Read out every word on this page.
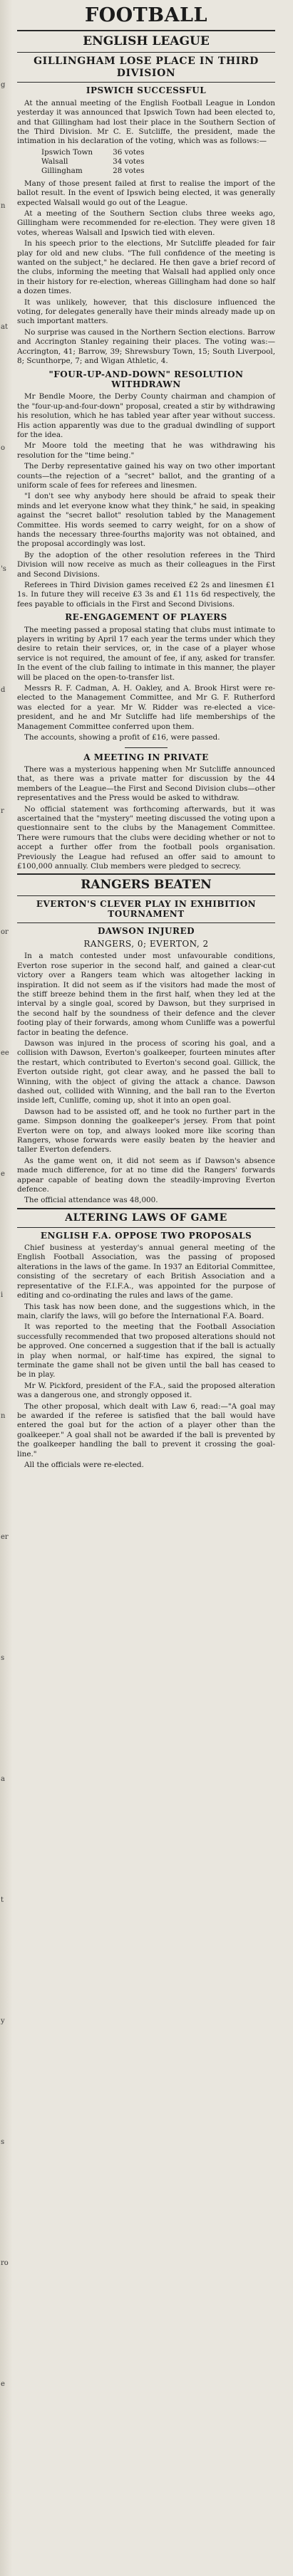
g
n
at
o
's
d
r
or
ee
e
i
n
er
s
a
t
y
s
ro
e
FOOTBALL
ENGLISH LEAGUE
GILLINGHAM LOSE PLACE IN THIRD DIVISION
IPSWICH SUCCESSFUL

At the annual meeting of the English Football League in London yesterday it was announced that Ipswich Town had been elected to, and that Gillingham had lost their place in the Southern Section of the Third Division. Mr C. E. Sutcliffe, the president, made the intimation in his declaration of the voting, which was as follows:—

Ipswich Town	36 votes
Walsall	34 votes
Gillingham	28 votes

Many of those present failed at first to realise the import of the ballot result. In the event of Ipswich being elected, it was generally expected Walsall would go out of the League.

At a meeting of the Southern Section clubs three weeks ago, Gillingham were recommended for re-election. They were given 18 votes, whereas Walsall and Ipswich tied with eleven.

In his speech prior to the elections, Mr Sutcliffe pleaded for fair play for old and new clubs. "The full confidence of the meeting is wanted on the subject," he declared. He then gave a brief record of the clubs, informing the meeting that Walsall had applied only once in their history for re-election, whereas Gillingham had done so half a dozen times.

It was unlikely, however, that this disclosure influenced the voting, for delegates generally have their minds already made up on such important matters.

No surprise was caused in the Northern Section elections. Barrow and Accrington Stanley regaining their places. The voting was:—Accrington, 41; Barrow, 39; Shrewsbury Town, 15; South Liverpool, 8; Scunthorpe, 7; and Wigan Athletic, 4.

"FOUR-UP-AND-DOWN" RESOLUTION WITHDRAWN

Mr Bendle Moore, the Derby County chairman and champion of the "four-up-and-four-down" proposal, created a stir by withdrawing his resolution, which he has tabled year after year without success. His action apparently was due to the gradual dwindling of support for the idea.

Mr Moore told the meeting that he was withdrawing his resolution for the "time being."

The Derby representative gained his way on two other important counts—the rejection of a "secret" ballot, and the granting of a uniform scale of fees for referees and linesmen.

"I don't see why anybody here should be afraid to speak their minds and let everyone know what they think," he said, in speaking against the "secret ballot" resolution tabled by the Management Committee. His words seemed to carry weight, for on a show of hands the necessary three-fourths majority was not obtained, and the proposal accordingly was lost.

By the adoption of the other resolution referees in the Third Division will now receive as much as their colleagues in the First and Second Divisions.

Referees in Third Division games received £2 2s and linesmen £1 1s. In future they will receive £3 3s and £1 11s 6d respectively, the fees payable to officials in the First and Second Divisions.

RE-ENGAGEMENT OF PLAYERS

The meeting passed a proposal stating that clubs must intimate to players in writing by April 17 each year the terms under which they desire to retain their services, or, in the case of a player whose service is not required, the amount of fee, if any, asked for transfer. In the event of the club failing to intimate in this manner, the player will be placed on the open-to-transfer list.

Messrs R. F. Cadman, A. H. Oakley, and A. Brook Hirst were re-elected to the Management Committee, and Mr G. F. Rutherford was elected for a year. Mr W. Ridder was re-elected a vice-president, and he and Mr Sutcliffe had life memberships of the Management Committee conferred upon them.

The accounts, showing a profit of £16, were passed.

A MEETING IN PRIVATE

There was a mysterious happening when Mr Sutcliffe announced that, as there was a private matter for discussion by the 44 members of the League—the First and Second Division clubs—other representatives and the Press would be asked to withdraw.

No official statement was forthcoming afterwards, but it was ascertained that the "mystery" meeting discussed the voting upon a questionnaire sent to the clubs by the Management Committee. There were rumours that the clubs were deciding whether or not to accept a further offer from the football pools organisation. Previously the League had refused an offer said to amount to £100,000 annually. Club members were pledged to secrecy.

RANGERS BEATEN
EVERTON'S CLEVER PLAY IN EXHIBITION TOURNAMENT
DAWSON INJURED
RANGERS, 0; EVERTON, 2

In a match contested under most unfavourable conditions, Everton rose superior in the second half, and gained a clear-cut victory over a Rangers team which was altogether lacking in inspiration. It did not seem as if the visitors had made the most of the stiff breeze behind them in the first half, when they led at the interval by a single goal, scored by Dawson, but they surprised in the second half by the soundness of their defence and the clever footing play of their forwards, among whom Cunliffe was a powerful factor in beating the defence.

Dawson was injured in the process of scoring his goal, and a collision with Dawson, Everton's goalkeeper, fourteen minutes after the restart, which contributed to Everton's second goal. Gillick, the Everton outside right, got clear away, and he passed the ball to Winning, with the object of giving the attack a chance. Dawson dashed out, collided with Winning, and the ball ran to the Everton inside left, Cunliffe, coming up, shot it into an open goal.

Dawson had to be assisted off, and he took no further part in the game. Simpson donning the goalkeeper's jersey. From that point Everton were on top, and always looked more like scoring than Rangers, whose forwards were easily beaten by the heavier and taller Everton defenders.

As the game went on, it did not seem as if Dawson's absence made much difference, for at no time did the Rangers' forwards appear capable of beating down the steadily-improving Everton defence.

The official attendance was 48,000.

ALTERING LAWS OF GAME
ENGLISH F.A. OPPOSE TWO PROPOSALS

Chief business at yesterday's annual general meeting of the English Football Association, was the passing of proposed alterations in the laws of the game. In 1937 an Editorial Committee, consisting of the secretary of each British Association and a representative of the F.I.F.A., was appointed for the purpose of editing and co-ordinating the rules and laws of the game.

This task has now been done, and the suggestions which, in the main, clarify the laws, will go before the International F.A. Board.

It was reported to the meeting that the Football Association successfully recommended that two proposed alterations should not be approved. One concerned a suggestion that if the ball is actually in play when normal, or half-time has expired, the signal to terminate the game shall not be given until the ball has ceased to be in play.

Mr W. Pickford, president of the F.A., said the proposed alteration was a dangerous one, and strongly opposed it.

The other proposal, which dealt with Law 6, read:—"A goal may be awarded if the referee is satisfied that the ball would have entered the goal but for the action of a player other than the goalkeeper." A goal shall not be awarded if the ball is prevented by the goalkeeper handling the ball to prevent it crossing the goal-line."

All the officials were re-elected.
